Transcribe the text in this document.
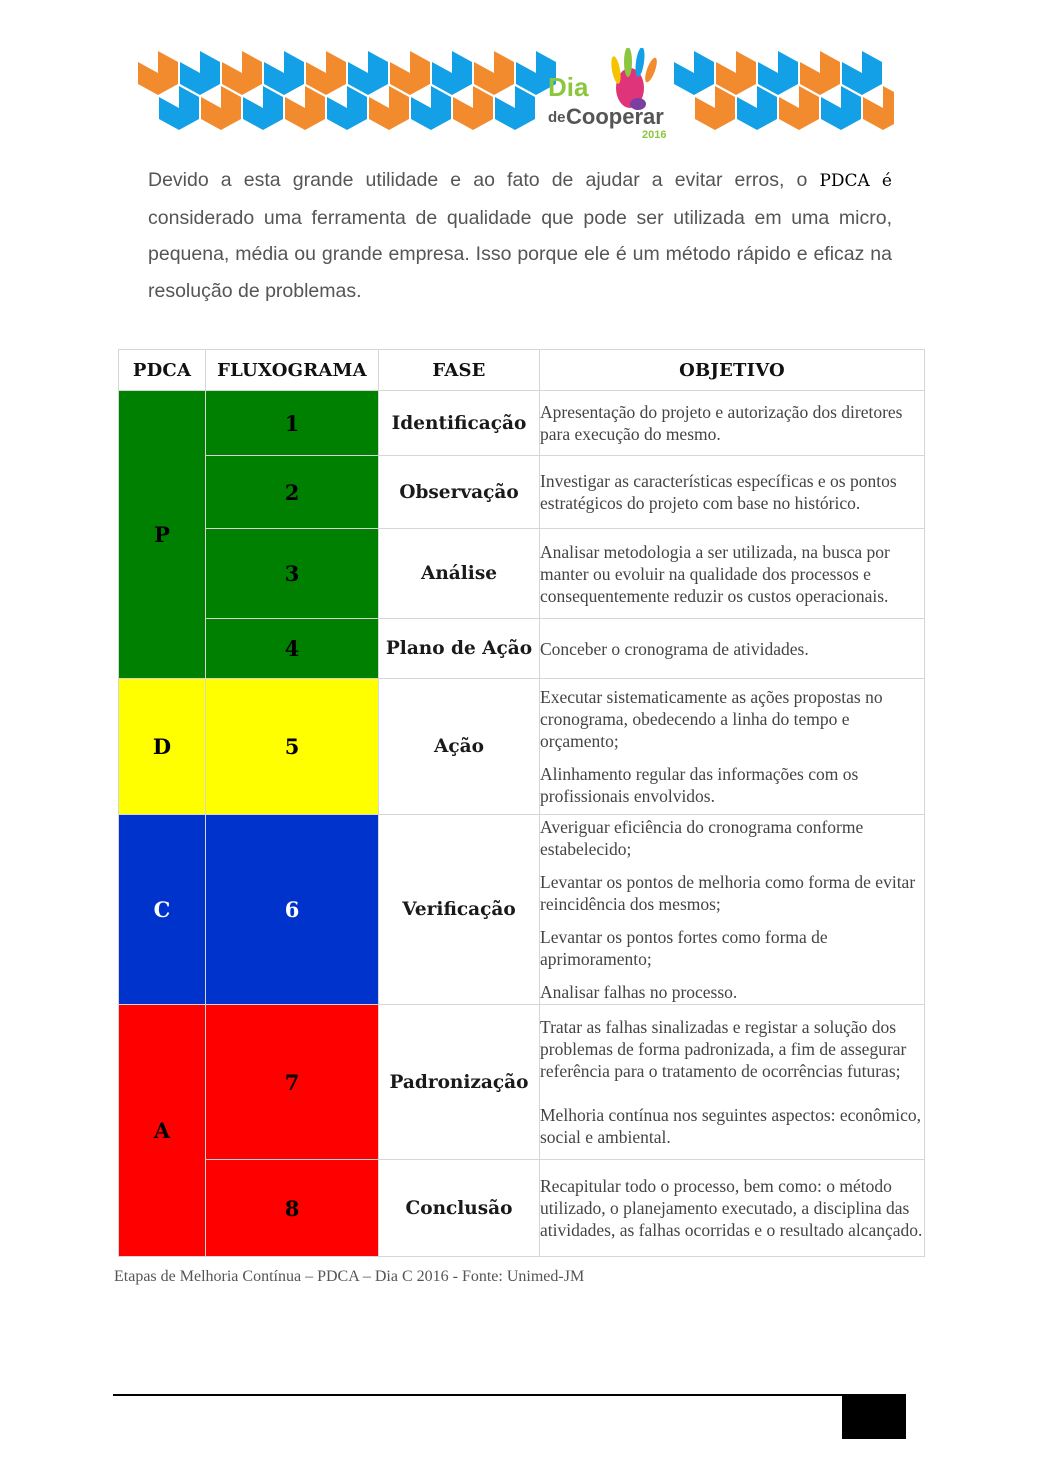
Dia
de Cooperar
2016

Devido a esta grande utilidade e ao fato de ajudar a evitar erros, o PDCA é considerado uma ferramenta de qualidade que pode ser utilizada em uma micro, pequena, média ou grande empresa. Isso porque ele é um método rápido e eficaz na resolução de problemas.

PDCA	FLUXOGRAMA	FASE	OBJETIVO
P	1	Identificação	Apresentação do projeto e autorização dos diretores para execução do mesmo.

	2	Observação	Investigar as características específicas e os pontos estratégicos do projeto com base no histórico.

	3	Análise	Analisar metodologia a ser utilizada, na busca por manter ou evoluir na qualidade dos processos e consequentemente reduzir os custos operacionais.

	4	Plano de Ação	Conceber o cronograma de atividades.

D	5	Ação	Executar sistematicamente as ações propostas no cronograma, obedecendo a linha do tempo e orçamento;

Alinhamento regular das informações com os profissionais envolvidos.

C	6	Verificação	Averiguar eficiência do cronograma conforme estabelecido;

Levantar os pontos de melhoria como forma de evitar reincidência dos mesmos;

Levantar os pontos fortes como forma de aprimoramento;

Analisar falhas no processo.

A	7	Padronização	Tratar as falhas sinalizadas e registar a solução dos problemas de forma padronizada, a fim de assegurar referência para o tratamento de ocorrências futuras;

Melhoria contínua nos seguintes aspectos: econômico, social e ambiental.

	8	Conclusão	Recapitular todo o processo, bem como: o método utilizado, o planejamento executado, a disciplina das atividades, as falhas ocorridas e o resultado alcançado.

Etapas de Melhoria Contínua – PDCA – Dia C 2016 - Fonte: Unimed-JM
